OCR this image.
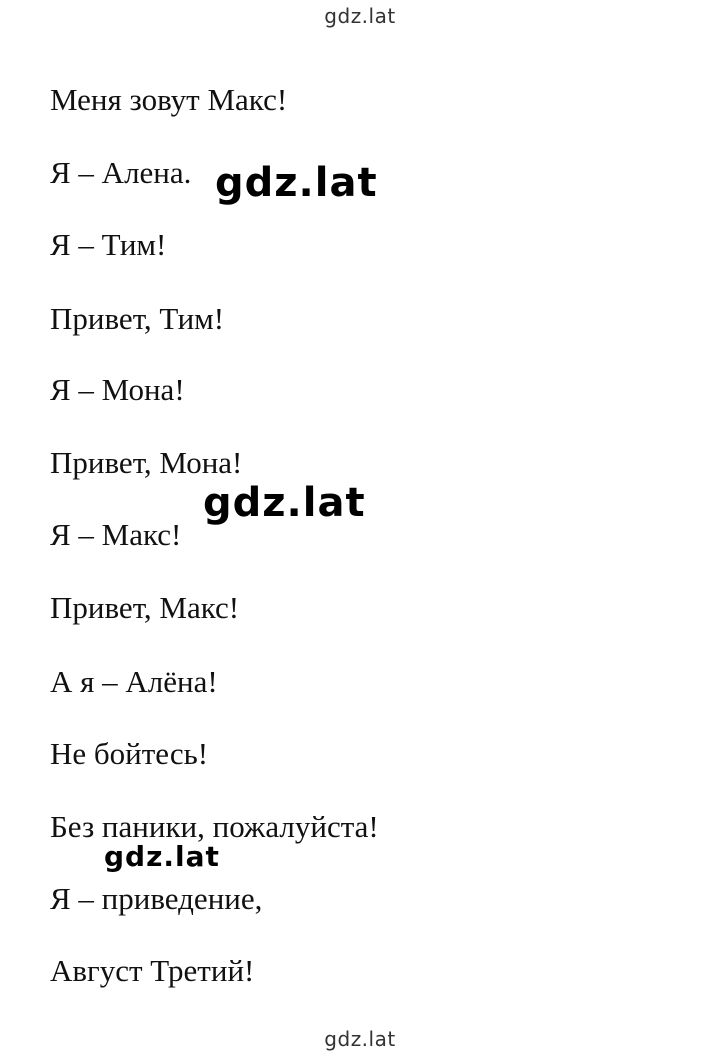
gdz.lat
Меня зовут Макс!
Я – Алена.
Я – Тим!
Привет, Тим!
Я – Мона!
Привет, Мона!
Я – Макс!
Привет, Макс!
А я – Алёна!
Не бойтесь!
Без паники, пожалуйста!
Я – приведение,
Август Третий!
gdz.lat
gdz.lat
gdz.lat
gdz.lat
